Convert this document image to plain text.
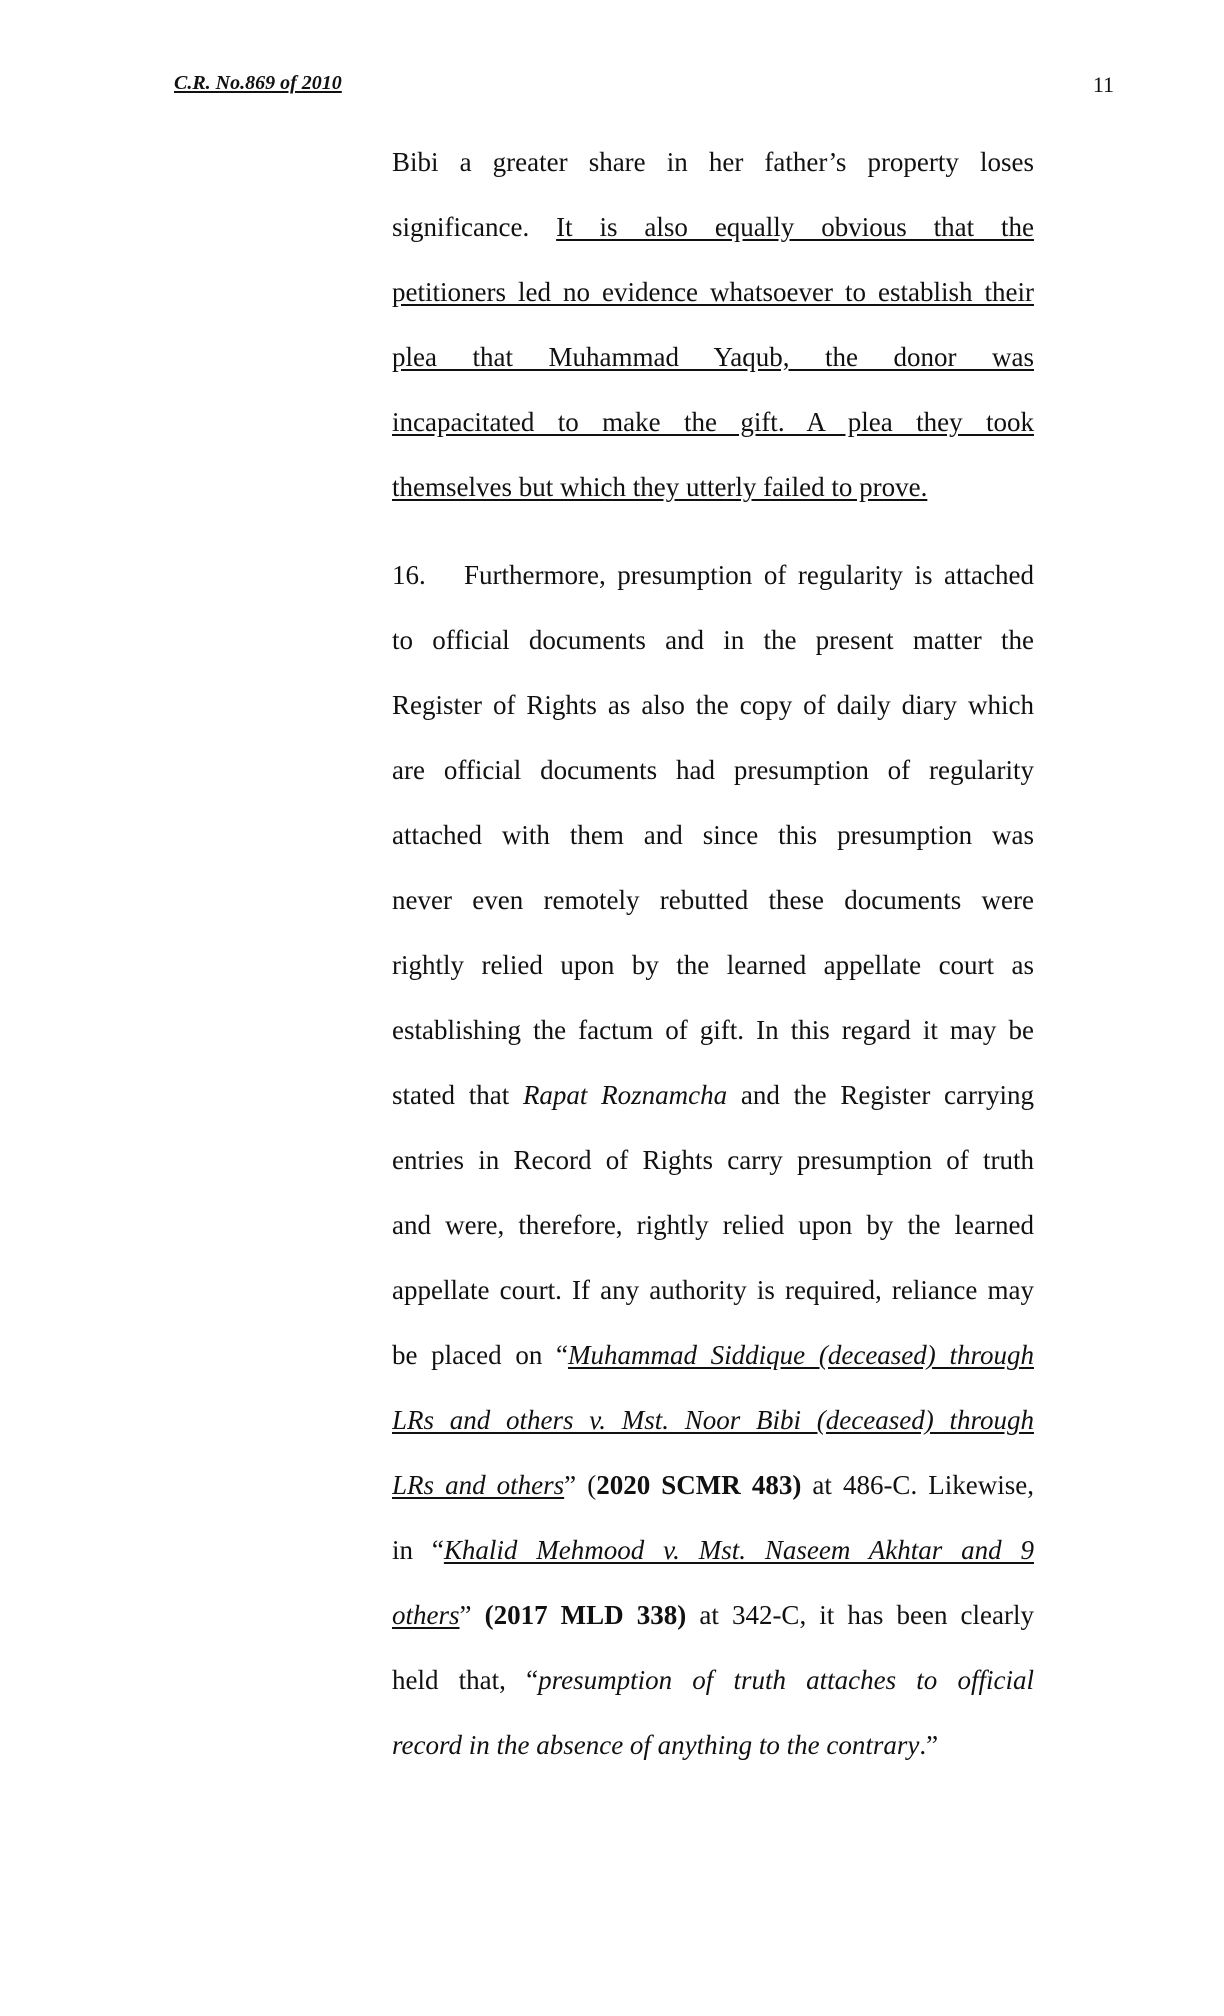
C.R. No.869 of 2010	11
Bibi a greater share in her father’s property loses
significance. It is also equally obvious that the
petitioners led no evidence whatsoever to establish their
plea that Muhammad Yaqub, the donor was
incapacitated to make the gift. A plea they took
themselves but which they utterly failed to prove.
16. Furthermore, presumption of regularity is attached
to official documents and in the present matter the
Register of Rights as also the copy of daily diary which
are official documents had presumption of regularity
attached with them and since this presumption was
never even remotely rebutted these documents were
rightly relied upon by the learned appellate court as
establishing the factum of gift. In this regard it may be
stated that Rapat Roznamcha and the Register carrying
entries in Record of Rights carry presumption of truth
and were, therefore, rightly relied upon by the learned
appellate court. If any authority is required, reliance may
be placed on “Muhammad Siddique (deceased) through
LRs and others v. Mst. Noor Bibi (deceased) through
LRs and others” (2020 SCMR 483) at 486-C. Likewise,
in “Khalid Mehmood v. Mst. Naseem Akhtar and 9
others” (2017 MLD 338) at 342-C, it has been clearly
held that, “presumption of truth attaches to official
record in the absence of anything to the contrary.”
